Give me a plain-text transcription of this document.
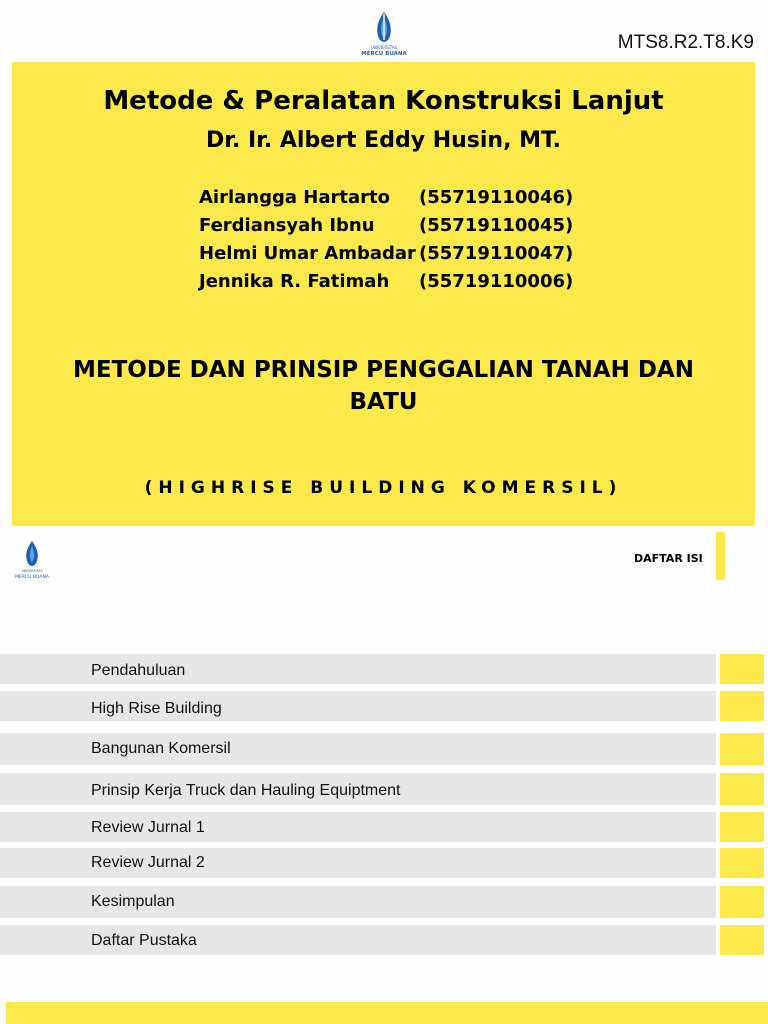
UNIVERSITAS
MERCU BUANA
MTS8.R2.T8.K9
Metode & Peralatan Konstruksi Lanjut
Dr. Ir. Albert Eddy Husin, MT.
Airlangga Hartarto	(55719110046)
Ferdiansyah Ibnu	(55719110045)
Helmi Umar Ambadar (55719110047)
Jennika R. Fatimah	(55719110006)
METODE DAN PRINSIP PENGGALIAN TANAH DAN BATU
(HIGHRISE BUILDING KOMERSIL)
UNIVERSITAS
MERCU BUANA
DAFTAR ISI
Pendahuluan
High Rise Building
Bangunan Komersil
Prinsip Kerja Truck dan Hauling Equiptment
Review Jurnal 1
Review Jurnal 2
Kesimpulan
Daftar Pustaka
